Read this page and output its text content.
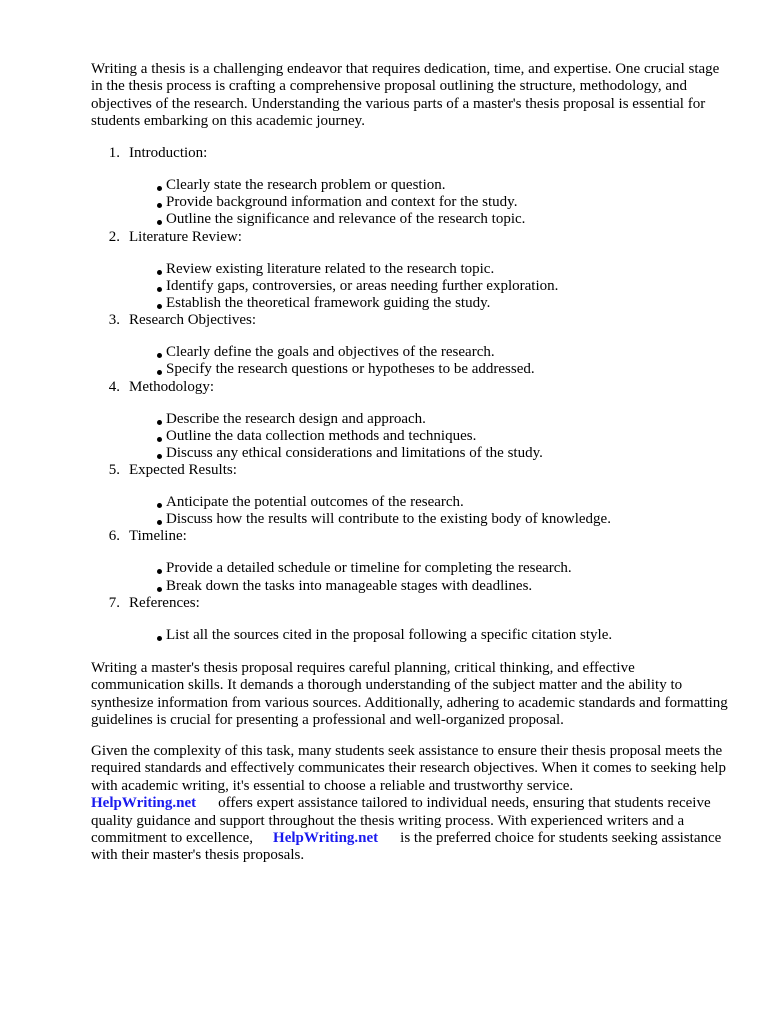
Writing a thesis is a challenging endeavor that requires dedication, time, and expertise. One crucial stage in the thesis process is crafting a comprehensive proposal outlining the structure, methodology, and objectives of the research. Understanding the various parts of a master's thesis proposal is essential for students embarking on this academic journey.

1. Introduction:
Clearly state the research problem or question.
Provide background information and context for the study.
Outline the significance and relevance of the research topic.
2. Literature Review:
Review existing literature related to the research topic.
Identify gaps, controversies, or areas needing further exploration.
Establish the theoretical framework guiding the study.
3. Research Objectives:
Clearly define the goals and objectives of the research.
Specify the research questions or hypotheses to be addressed.
4. Methodology:
Describe the research design and approach.
Outline the data collection methods and techniques.
Discuss any ethical considerations and limitations of the study.
5. Expected Results:
Anticipate the potential outcomes of the research.
Discuss how the results will contribute to the existing body of knowledge.
6. Timeline:
Provide a detailed schedule or timeline for completing the research.
Break down the tasks into manageable stages with deadlines.
7. References:
List all the sources cited in the proposal following a specific citation style.

Writing a master's thesis proposal requires careful planning, critical thinking, and effective communication skills. It demands a thorough understanding of the subject matter and the ability to synthesize information from various sources. Additionally, adhering to academic standards and formatting guidelines is crucial for presenting a professional and well-organized proposal.

Given the complexity of this task, many students seek assistance to ensure their thesis proposal meets the required standards and effectively communicates their research objectives. When it comes to seeking help with academic writing, it's essential to choose a reliable and trustworthy service.
HelpWriting.net offers expert assistance tailored to individual needs, ensuring that students receive quality guidance and support throughout the thesis writing process. With experienced writers and a commitment to excellence, HelpWriting.net is the preferred choice for students seeking assistance with their master's thesis proposals.
